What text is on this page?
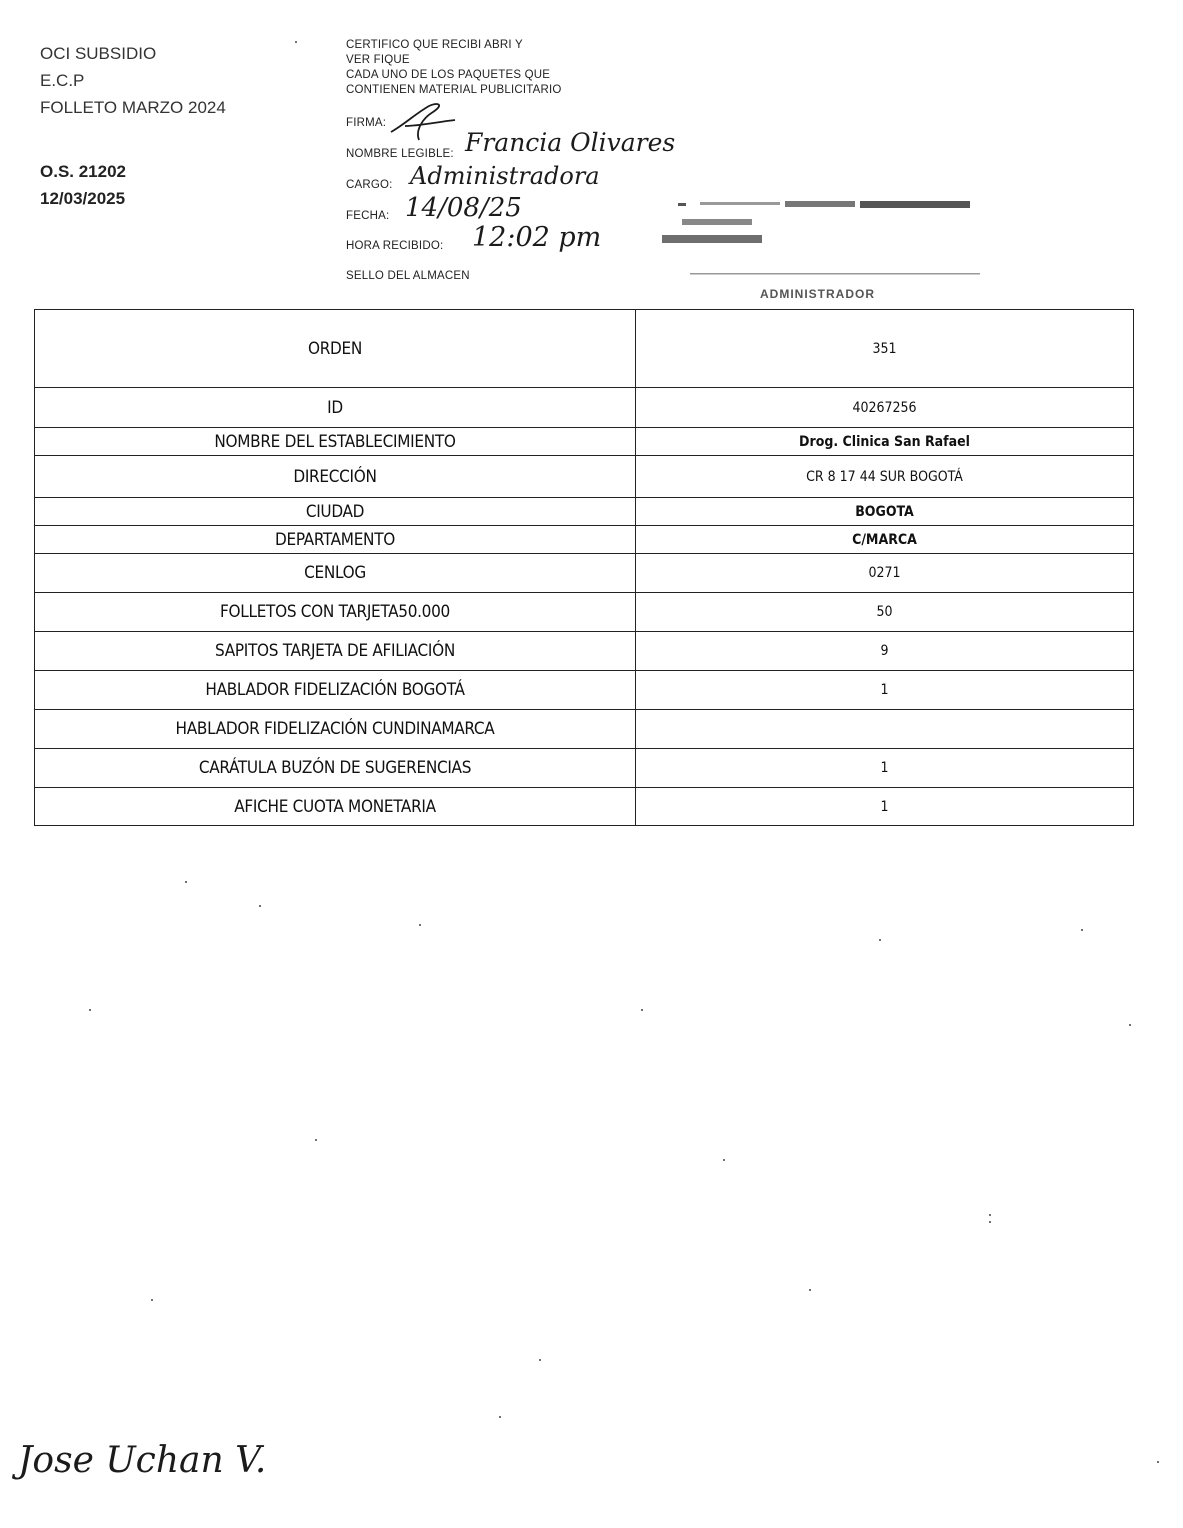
OCI SUBSIDIO
E.C.P
FOLLETO MARZO 2024
O.S. 21202
12/03/2025
CERTIFICO QUE RECIBI ABRI Y
VER FIQUE
CADA UNO DE LOS PAQUETES QUE
CONTIENEN MATERIAL PUBLICITARIO
FIRMA:
NOMBRE LEGIBLE: Francia Olivares
CARGO: Administradora
FECHA: 14/08/25
HORA RECIBIDO: 12:02 pm
SELLO DEL ALMACEN
ADMINISTRADOR
ORDEN	351
ID	40267256
NOMBRE DEL ESTABLECIMIENTO	Drog. Clinica San Rafael
DIRECCIÓN	CR 8 17 44 SUR BOGOTÁ
CIUDAD	BOGOTA
DEPARTAMENTO	C/MARCA
CENLOG	0271
FOLLETOS CON TARJETA50.000	50
SAPITOS TARJETA DE AFILIACIÓN	9
HABLADOR FIDELIZACIÓN BOGOTÁ	1
HABLADOR FIDELIZACIÓN CUNDINAMARCA	
CARÁTULA BUZÓN DE SUGERENCIAS	1
AFICHE CUOTA MONETARIA	1
Jose Uchan V.
